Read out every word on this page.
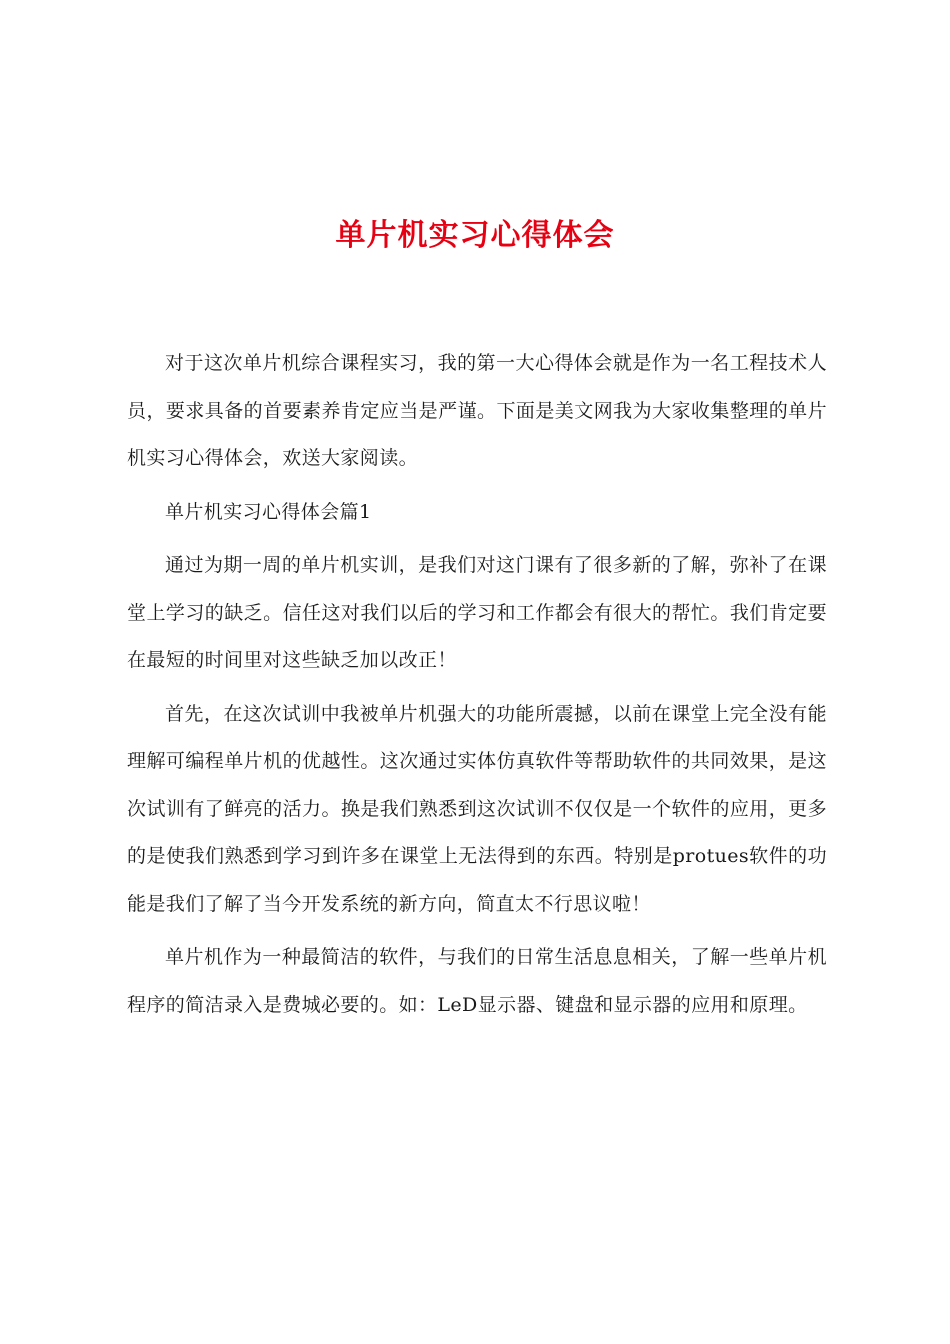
单片机实习心得体会

对于这次单片机综合课程实习，我的第一大心得体会就是作为一名工程技术人员，要求具备的首要素养肯定应当是严谨。下面是美文网我为大家收集整理的单片机实习心得体会，欢送大家阅读。

单片机实习心得体会篇1

通过为期一周的单片机实训，是我们对这门课有了很多新的了解，弥补了在课堂上学习的缺乏。信任这对我们以后的学习和工作都会有很大的帮忙。我们肯定要在最短的时间里对这些缺乏加以改正！

首先，在这次试训中我被单片机强大的功能所震撼，以前在课堂上完全没有能理解可编程单片机的优越性。这次通过实体仿真软件等帮助软件的共同效果，是这次试训有了鲜亮的活力。换是我们熟悉到这次试训不仅仅是一个软件的应用，更多的是使我们熟悉到学习到许多在课堂上无法得到的东西。特别是protues软件的功能是我们了解了当今开发系统的新方向，简直太不行思议啦！

单片机作为一种最简洁的软件，与我们的日常生活息息相关，了解一些单片机程序的简洁录入是费城必要的。如：LeD显示器、键盘和显示器的应用和原理。
